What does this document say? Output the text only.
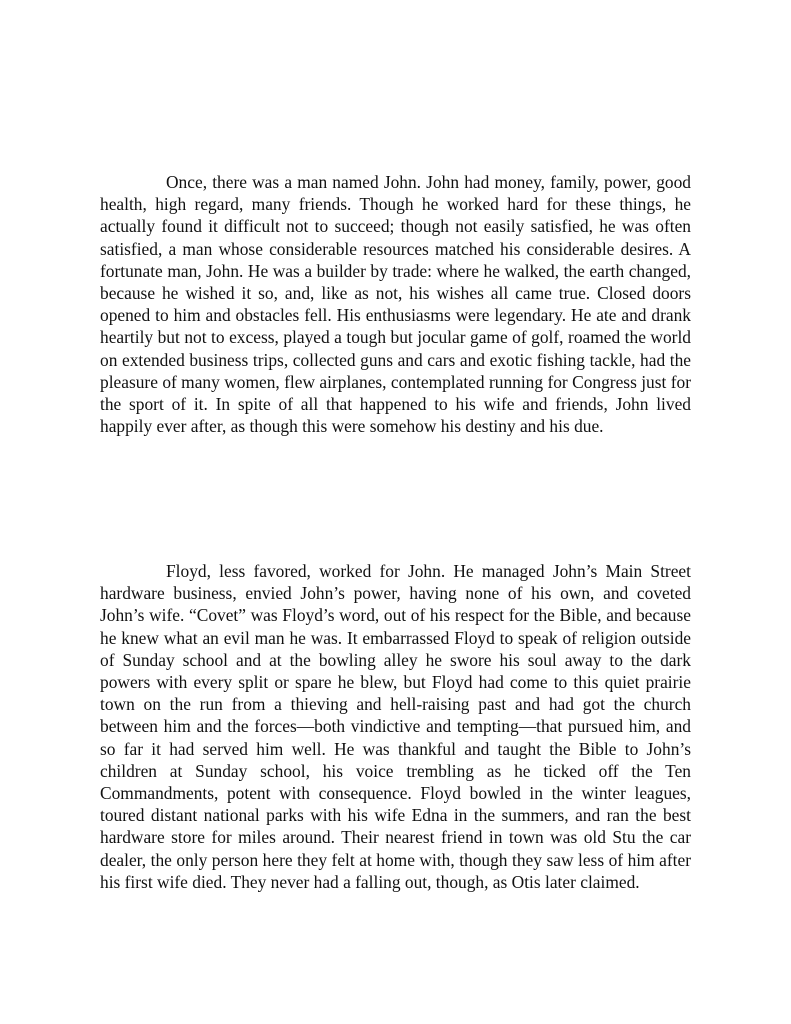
Once, there was a man named John. John had money, family, power, good health, high regard, many friends. Though he worked hard for these things, he actually found it difficult not to succeed; though not easily satisfied, he was often satisfied, a man whose considerable resources matched his considerable desires. A fortunate man, John. He was a builder by trade: where he walked, the earth changed, because he wished it so, and, like as not, his wishes all came true. Closed doors opened to him and obstacles fell. His enthusiasms were legendary. He ate and drank heartily but not to excess, played a tough but jocular game of golf, roamed the world on extended business trips, collected guns and cars and exotic fishing tackle, had the pleasure of many women, flew airplanes, contemplated running for Congress just for the sport of it. In spite of all that happened to his wife and friends, John lived happily ever after, as though this were somehow his destiny and his due.

Floyd, less favored, worked for John. He managed John’s Main Street hardware business, envied John’s power, having none of his own, and coveted John’s wife. “Covet” was Floyd’s word, out of his respect for the Bible, and because he knew what an evil man he was. It embarrassed Floyd to speak of religion outside of Sunday school and at the bowling alley he swore his soul away to the dark powers with every split or spare he blew, but Floyd had come to this quiet prairie town on the run from a thieving and hell-raising past and had got the church between him and the forces—both vindictive and tempting—that pursued him, and so far it had served him well. He was thankful and taught the Bible to John’s children at Sunday school, his voice trembling as he ticked off the Ten Commandments, potent with consequence. Floyd bowled in the winter leagues, toured distant national parks with his wife Edna in the summers, and ran the best hardware store for miles around. Their nearest friend in town was old Stu the car dealer, the only person here they felt at home with, though they saw less of him after his first wife died. They never had a falling out, though, as Otis later claimed.
